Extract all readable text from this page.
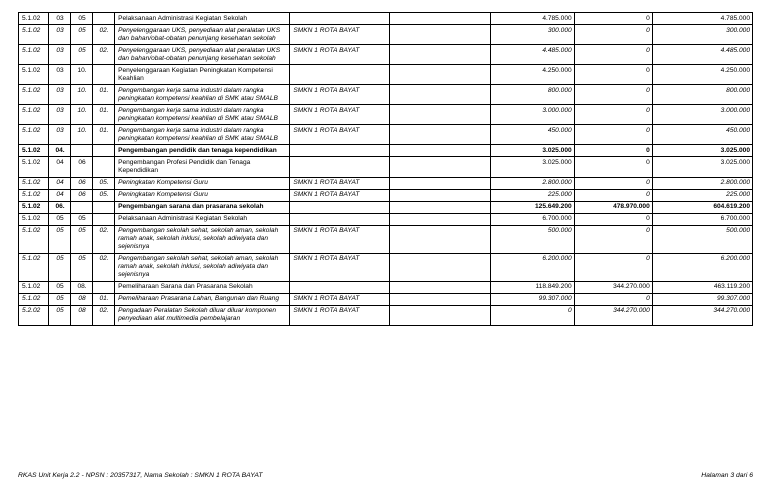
5.1.02	03	05		Pelaksanaan Administrasi Kegiatan Sekolah			4.785.000	0	4.785.000
5.1.02	03	05	02.	Penyelenggaraan UKS, penyediaan alat peralatan UKS dan bahan/obat-obatan penunjang kesehatan sekolah	SMKN 1 ROTA BAYAT		300.000	0	300.000
5.1.02	03	05	02.	Penyelenggaraan UKS, penyediaan alat peralatan UKS dan bahan/obat-obatan penunjang kesehatan sekolah	SMKN 1 ROTA BAYAT		4.485.000	0	4.485.000
5.1.02	03	10.		Penyelenggaraan Kegiatan Peningkatan Kompetensi Keahlian			4.250.000	0	4.250.000
5.1.02	03	10.	01.	Pengembangan kerja sama industri dalam rangka peningkatan kompetensi keahlian di SMK atau SMALB	SMKN 1 ROTA BAYAT		800.000	0	800.000
5.1.02	03	10.	01.	Pengembangan kerja sama industri dalam rangka peningkatan kompetensi keahlian di SMK atau SMALB	SMKN 1 ROTA BAYAT		3.000.000	0	3.000.000
5.1.02	03	10.	01.	Pengembangan kerja sama industri dalam rangka peningkatan kompetensi keahlian di SMK atau SMALB	SMKN 1 ROTA BAYAT		450.000	0	450.000
5.1.02	04.			Pengembangan pendidik dan tenaga kependidikan			3.025.000	0	3.025.000
5.1.02	04	06		Pengembangan Profesi Pendidik dan Tenaga Kependidikan			3.025.000	0	3.025.000
5.1.02	04	06	05.	Peningkatan Kompetensi Guru	SMKN 1 ROTA BAYAT		2.800.000	0	2.800.000
5.1.02	04	06	05.	Peningkatan Kompetensi Guru	SMKN 1 ROTA BAYAT		225.000	0	225.000
5.1.02	06.			Pengembangan sarana dan prasarana sekolah			125.649.200	478.970.000	604.619.200
5.1.02	05	05		Pelaksanaan Administrasi Kegiatan Sekolah			6.700.000	0	6.700.000
5.1.02	05	05	02.	Pengembangan sekolah sehat, sekolah aman, sekolah ramah anak, sekolah inklusi, sekolah adiwiyata dan sejenisnya	SMKN 1 ROTA BAYAT		500.000	0	500.000
5.1.02	05	05	02.	Pengembangan sekolah sehat, sekolah aman, sekolah ramah anak, sekolah inklusi, sekolah adiwiyata dan sejenisnya	SMKN 1 ROTA BAYAT		6.200.000	0	6.200.000
5.1.02	05	08.		Pemeliharaan Sarana dan Prasarana Sekolah			118.849.200	344.270.000	463.119.200
5.1.02	05	08	01.	Pemeliharaan Prasarana Lahan, Bangunan dan Ruang	SMKN 1 ROTA BAYAT		99.307.000	0	99.307.000
5.2.02	05	08	02.	Pengadaan Peralatan Sekolah diluar diluar komponen penyediaan alat multimedia pembelajaran	SMKN 1 ROTA BAYAT		0	344.270.000	344.270.000
RKAS Unit Kerja 2.2 - NPSN : 20357317, Nama Sekolah : SMKN 1 ROTA BAYAT	Halaman 3 dari 6
